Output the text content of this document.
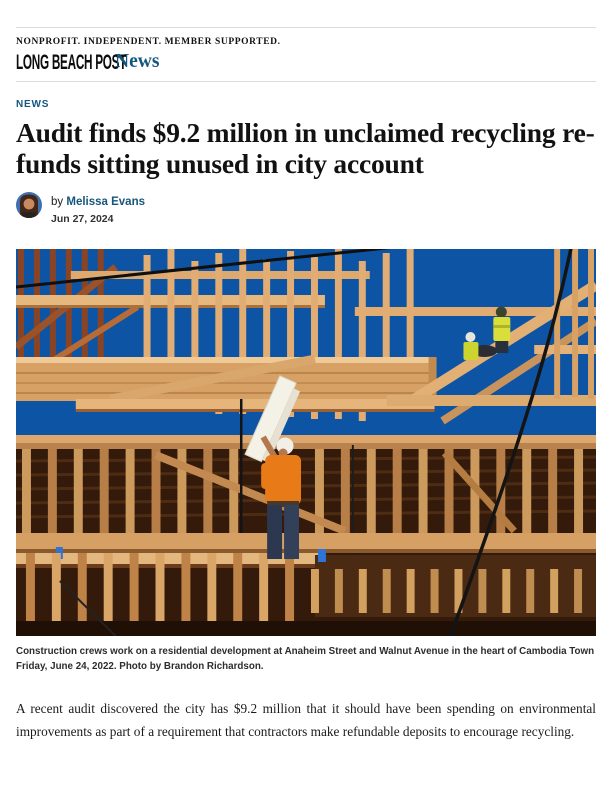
NONPROFIT. INDEPENDENT. MEMBER SUPPORTED.
LONG BEACH POST
News
NEWS
Audit finds $9.2 million in unclaimed recycling re-
funds sitting unused in city account
by Melissa Evans
Jun 27, 2024
Construction crews work on a residential development at Anaheim Street and Walnut Avenue in the heart of Cambodia Town Friday, June 24, 2022. Photo by Brandon Richardson.

A recent audit discovered the city has $9.2 million that it should have been spending on environmental improvements as part of a requirement that contractors make refundable deposits to encourage recycling.
